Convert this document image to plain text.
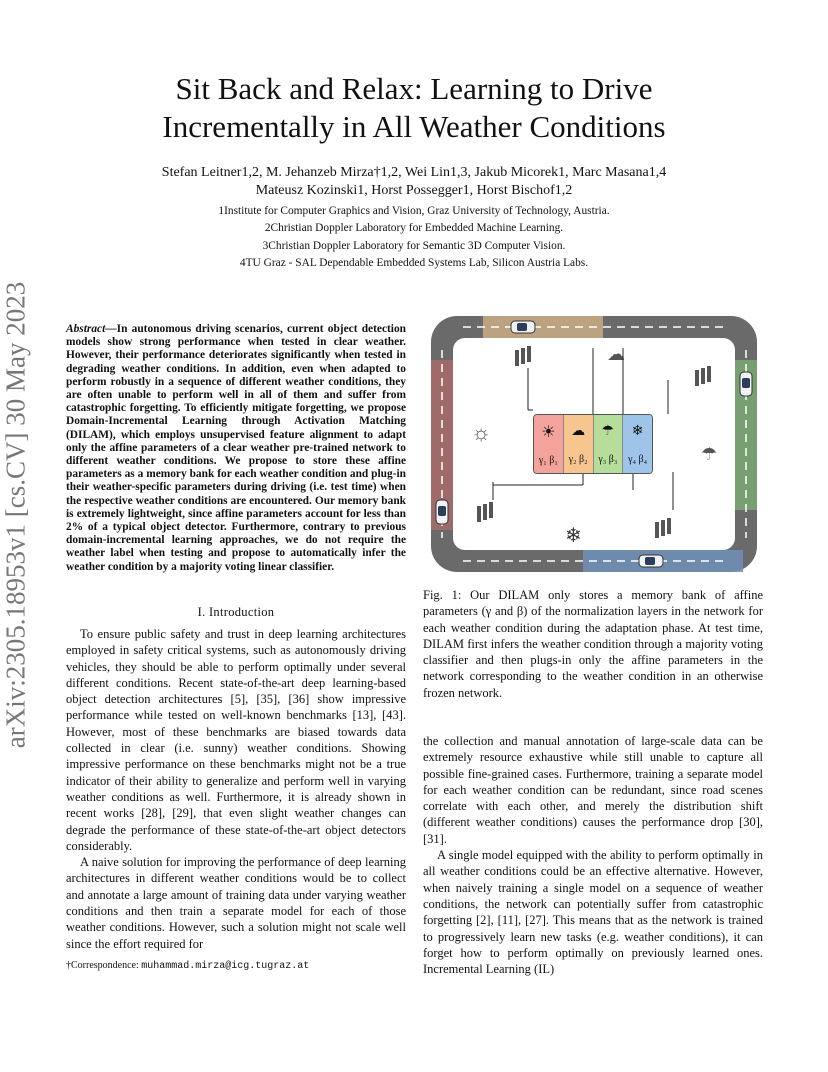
Sit Back and Relax: Learning to Drive
Incrementally in All Weather Conditions
Stefan Leitner1,2, M. Jehanzeb Mirza†1,2, Wei Lin1,3, Jakub Micorek1, Marc Masana1,4
Mateusz Kozinski1, Horst Possegger1, Horst Bischof1,2
1Institute for Computer Graphics and Vision, Graz University of Technology, Austria.
2Christian Doppler Laboratory for Embedded Machine Learning.
3Christian Doppler Laboratory for Semantic 3D Computer Vision.
4TU Graz - SAL Dependable Embedded Systems Lab, Silicon Austria Labs.
arXiv:2305.18953v1 [cs.CV] 30 May 2023	Abstract—In autonomous driving scenarios, current object detection models show strong performance when tested in clear weather. However, their performance deteriorates significantly when tested in degrading weather conditions. In addition, even when adapted to perform robustly in a sequence of different weather conditions, they are often unable to perform well in all of them and suffer from catastrophic forgetting. To efficiently mitigate forgetting, we propose Domain-Incremental Learning through Activation Matching (DILAM), which employs unsupervised feature alignment to adapt only the affine parameters of a clear weather pre-trained network to different weather conditions. We propose to store these affine parameters as a memory bank for each weather condition and plug-in their weather-specific parameters during driving (i.e. test time) when the respective weather conditions are encountered. Our memory bank is extremely lightweight, since affine parameters account for less than 2% of a typical object detector. Furthermore, contrary to previous domain-incremental learning approaches, we do not require the weather label when testing and propose to automatically infer the weather condition by a majority voting linear classifier.
I. Introduction

To ensure public safety and trust in deep learning architectures employed in safety critical systems, such as autonomously driving vehicles, they should be able to perform optimally under several different conditions. Recent state-of-the-art deep learning-based object detection architectures [5], [35], [36] show impressive performance while tested on well-known benchmarks [13], [43]. However, most of these benchmarks are biased towards data collected in clear (i.e. sunny) weather conditions. Showing impressive performance on these benchmarks might not be a true indicator of their ability to generalize and perform well in varying weather conditions as well. Furthermore, it is already shown in recent works [28], [29], that even slight weather changes can degrade the performance of these state-of-the-art object detectors considerably.

A naive solution for improving the performance of deep learning architectures in different weather conditions would be to collect and annotate a large amount of training data under varying weather conditions and then train a separate model for each of those weather conditions. However, such a solution might not scale well since the effort required for

†Correspondence: muhammad.mirza@icg.tugraz.at
☼
☁
☂
❄
☀
γ₁ β₁
☁
γ₂ β₂
☂
γ₃ β₃
❄
γ₄ β₄
Fig. 1: Our DILAM only stores a memory bank of affine parameters (γ and β) of the normalization layers in the network for each weather condition during the adaptation phase. At test time, DILAM first infers the weather condition through a majority voting classifier and then plugs-in only the affine parameters in the network corresponding to the weather condition in an otherwise frozen network.

the collection and manual annotation of large-scale data can be extremely resource exhaustive while still unable to capture all possible fine-grained cases. Furthermore, training a separate model for each weather condition can be redundant, since road scenes correlate with each other, and merely the distribution shift (different weather conditions) causes the performance drop [30], [31].

A single model equipped with the ability to perform optimally in all weather conditions could be an effective alternative. However, when naively training a single model on a sequence of weather conditions, the network can potentially suffer from catastrophic forgetting [2], [11], [27]. This means that as the network is trained to progressively learn new tasks (e.g. weather conditions), it can forget how to perform optimally on previously learned ones. Incremental Learning (IL)
